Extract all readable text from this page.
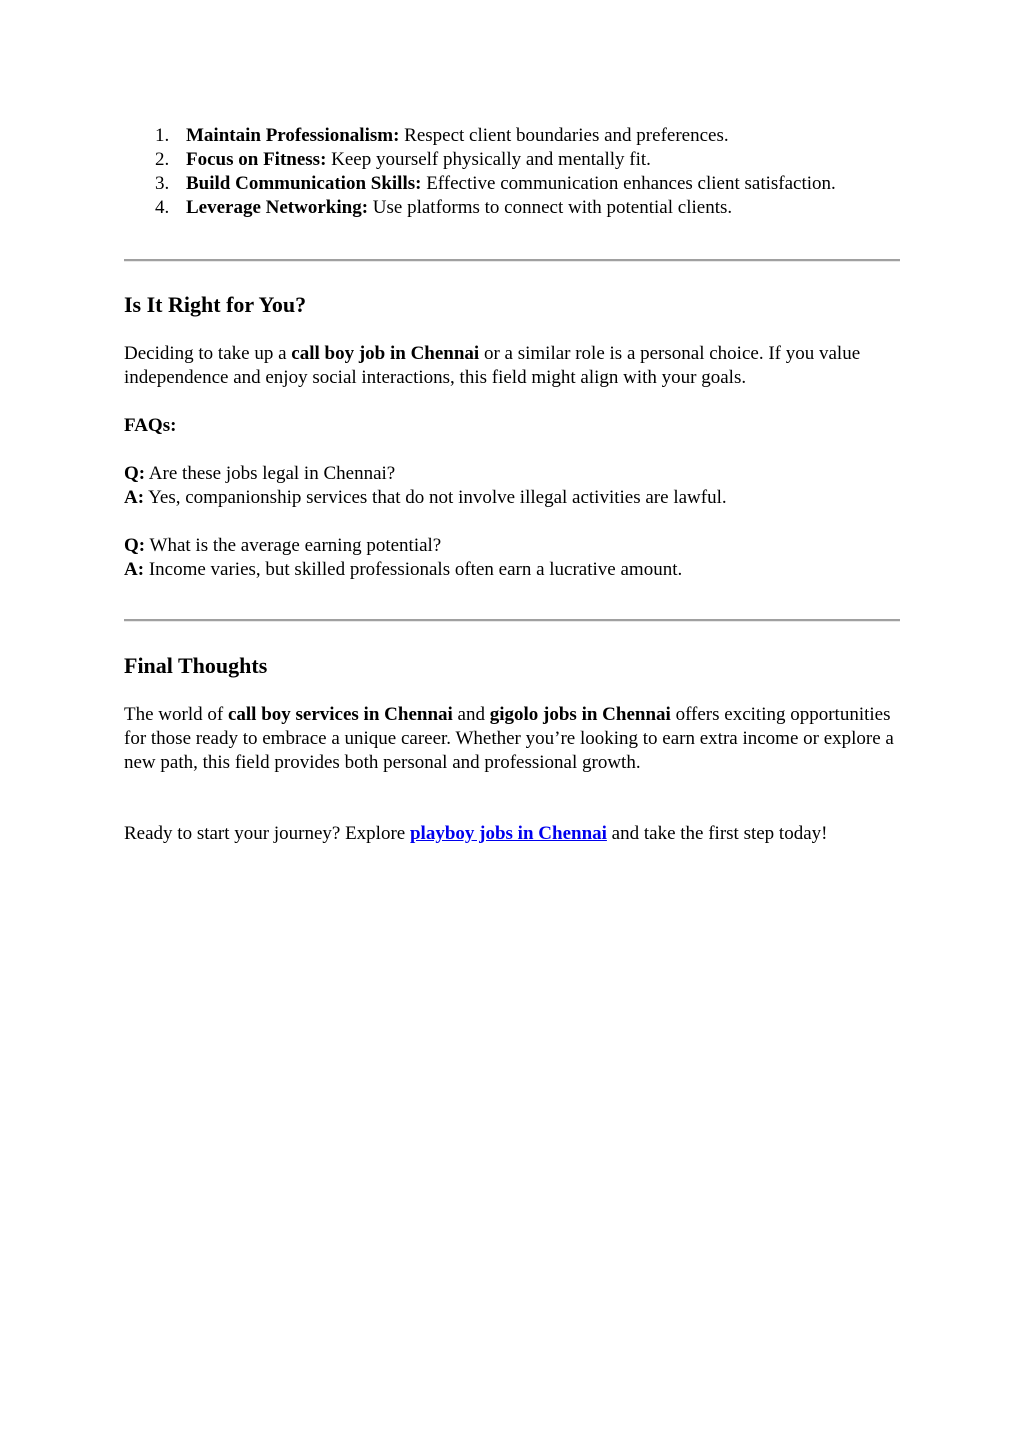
1. Maintain Professionalism: Respect client boundaries and preferences.
2. Focus on Fitness: Keep yourself physically and mentally fit.
3. Build Communication Skills: Effective communication enhances client satisfaction.
4. Leverage Networking: Use platforms to connect with potential clients.
Is It Right for You?

Deciding to take up a call boy job in Chennai or a similar role is a personal choice. If you value independence and enjoy social interactions, this field might align with your goals.

FAQs:

Q: Are these jobs legal in Chennai?
A: Yes, companionship services that do not involve illegal activities are lawful.

Q: What is the average earning potential?
A: Income varies, but skilled professionals often earn a lucrative amount.

Final Thoughts

The world of call boy services in Chennai and gigolo jobs in Chennai offers exciting opportunities for those ready to embrace a unique career. Whether you’re looking to earn extra income or explore a new path, this field provides both personal and professional growth.

Ready to start your journey? Explore playboy jobs in Chennai and take the first step today!
